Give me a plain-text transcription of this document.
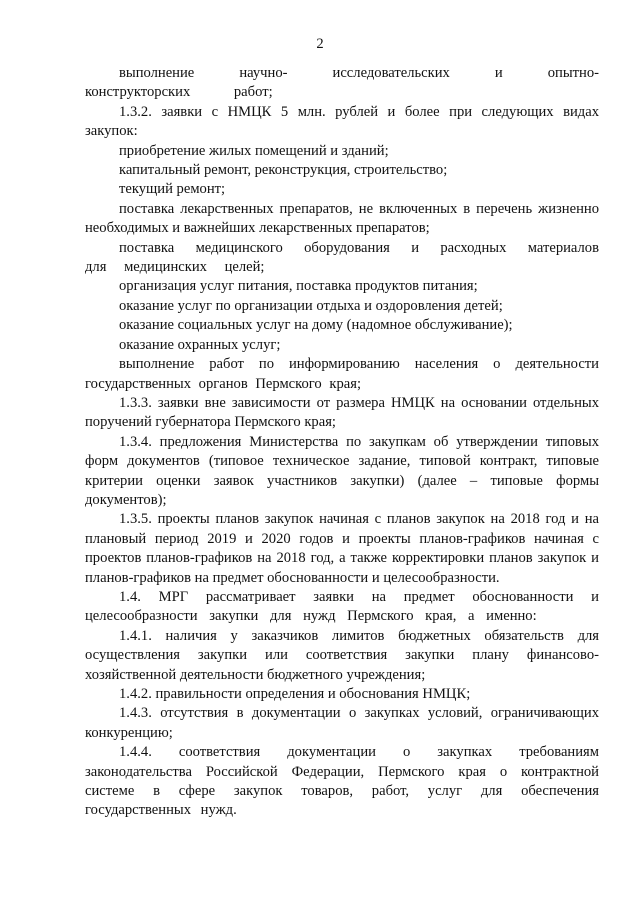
2

выполнение научно- исследовательских и опытно-конструкторских работ;

1.3.2. заявки с НМЦК 5 млн. рублей и более при следующих видах закупок:

приобретение жилых помещений и зданий;

капитальный ремонт, реконструкция, строительство;

текущий ремонт;

поставка лекарственных препаратов, не включенных в перечень жизненно необходимых и важнейших лекарственных препаратов;

поставка медицинского оборудования и расходных материалов для медицинских целей;

организация услуг питания, поставка продуктов питания;

оказание услуг по организации отдыха и оздоровления детей;

оказание социальных услуг на дому (надомное обслуживание);

оказание охранных услуг;

выполнение работ по информированию населения о деятельности государственных органов Пермского края;

1.3.3. заявки вне зависимости от размера НМЦК на основании отдельных поручений губернатора Пермского края;

1.3.4. предложения Министерства по закупкам об утверждении типовых форм документов (типовое техническое задание, типовой контракт, типовые критерии оценки заявок участников закупки) (далее – типовые формы документов);

1.3.5. проекты планов закупок начиная с планов закупок на 2018 год и на плановый период 2019 и 2020 годов и проекты планов-графиков начиная с проектов планов-графиков на 2018 год, а также корректировки планов закупок и планов-графиков на предмет обоснованности и целесообразности.

1.4. МРГ рассматривает заявки на предмет обоснованности и целесообразности закупки для нужд Пермского края, а именно:

1.4.1. наличия у заказчиков лимитов бюджетных обязательств для осуществления закупки или соответствия закупки плану финансово-хозяйственной деятельности бюджетного учреждения;

1.4.2. правильности определения и обоснования НМЦК;

1.4.3. отсутствия в документации о закупках условий, ограничивающих конкуренцию;

1.4.4. соответствия документации о закупках требованиям законодательства Российской Федерации, Пермского края о контрактной системе в сфере закупок товаров, работ, услуг для обеспечения государственных нужд.
